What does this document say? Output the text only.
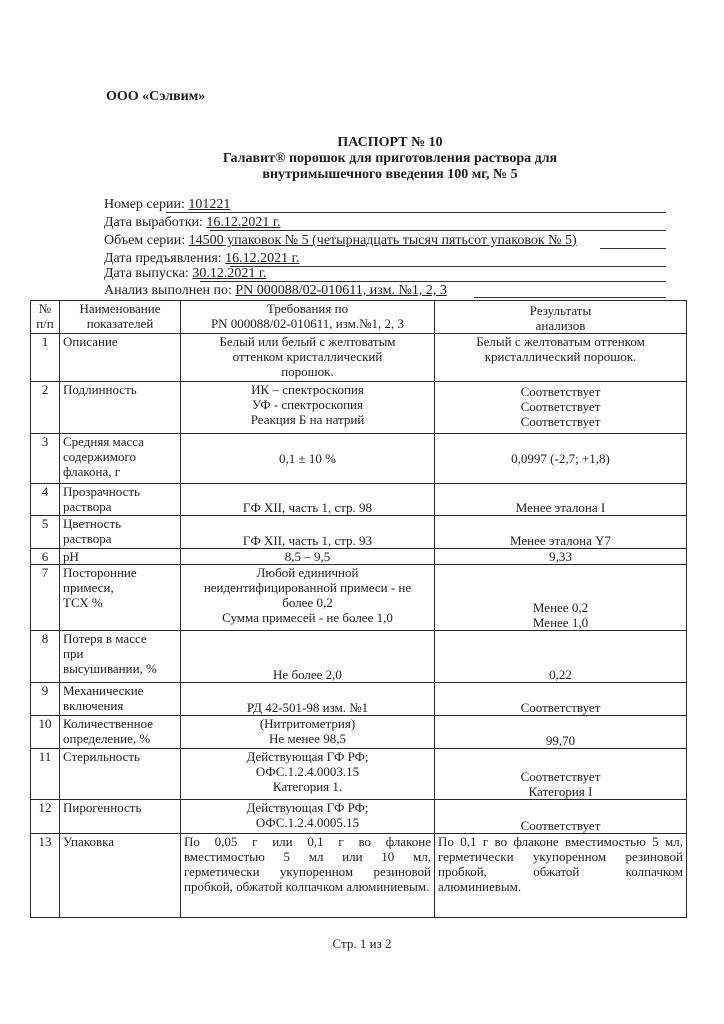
ООО «Сэлвим»
ПАСПОРТ № 10
Галавит® порошок для приготовления раствора для
внутримышечного введения 100 мг, № 5
Номер серии: 101221
Дата выработки: 16.12.2021 г.
Объем серии: 14500 упаковок № 5 (четырнадцать тысяч пятьсот упаковок № 5)
Дата предъявления: 16.12.2021 г.
Дата выпуска: 30.12.2021 г.
Анализ выполнен по: PN 000088/02-010611, изм. №1, 2, 3
№
п/п	Наименование
показателей	Требования по
PN 000088/02-010611, изм.№1, 2, 3	Результаты
анализов

1	Описание	Белый или белый с желтоватым
оттенком кристаллический
порошок.	Белый с желтоватым оттенком
кристаллический порошок.

2	Подлинность	ИК – спектроскопия
УФ - спектроскопия
Реакция Б на натрий	Соответствует
Соответствует
Соответствует

3	Средняя масса
содержимого
флакона, г	0,1 ± 10 %	0,0997 (-2,7; +1,8)

4	Прозрачность
раствора	ГФ XII, часть 1, стр. 98	Менее эталона I

5	Цветность
раствора	ГФ XII, часть 1, стр. 93	Менее эталона Y7

6	pH	8,5 – 9,5	9,33

7	Посторонние
примеси,
ТСХ %	Любой единичной
неидентифицированной примеси - не
более 0,2
Сумма примесей - не более 1,0	Менее 0,2
Менее 1,0

8	Потеря в массе
при
высушивании, %	Не более 2,0	0,22

9	Механические
включения	РД 42-501-98 изм. №1	Соответствует

10	Количественное
определение, %	(Нитритометрия)
Не менее 98,5	99,70

11	Стерильность	Действующая ГФ РФ;
ОФС.1.2.4.0003.15
Категория 1.	Соответствует
Категория I

12	Пирогенность	Действующая ГФ РФ;
ОФС.1.2.4.0005.15	Соответствует

13	Упаковка	По 0,05 г или 0,1 г во флаконе вместимостью 5 мл или 10 мл, герметически укупоренном резиновой пробкой, обжатой колпачком алюминиевым.	По 0,1 г во флаконе вместимостью 5 мл, герметически укупоренном резиновой пробкой, обжатой колпачком алюминиевым.
Стр. 1 из 2
